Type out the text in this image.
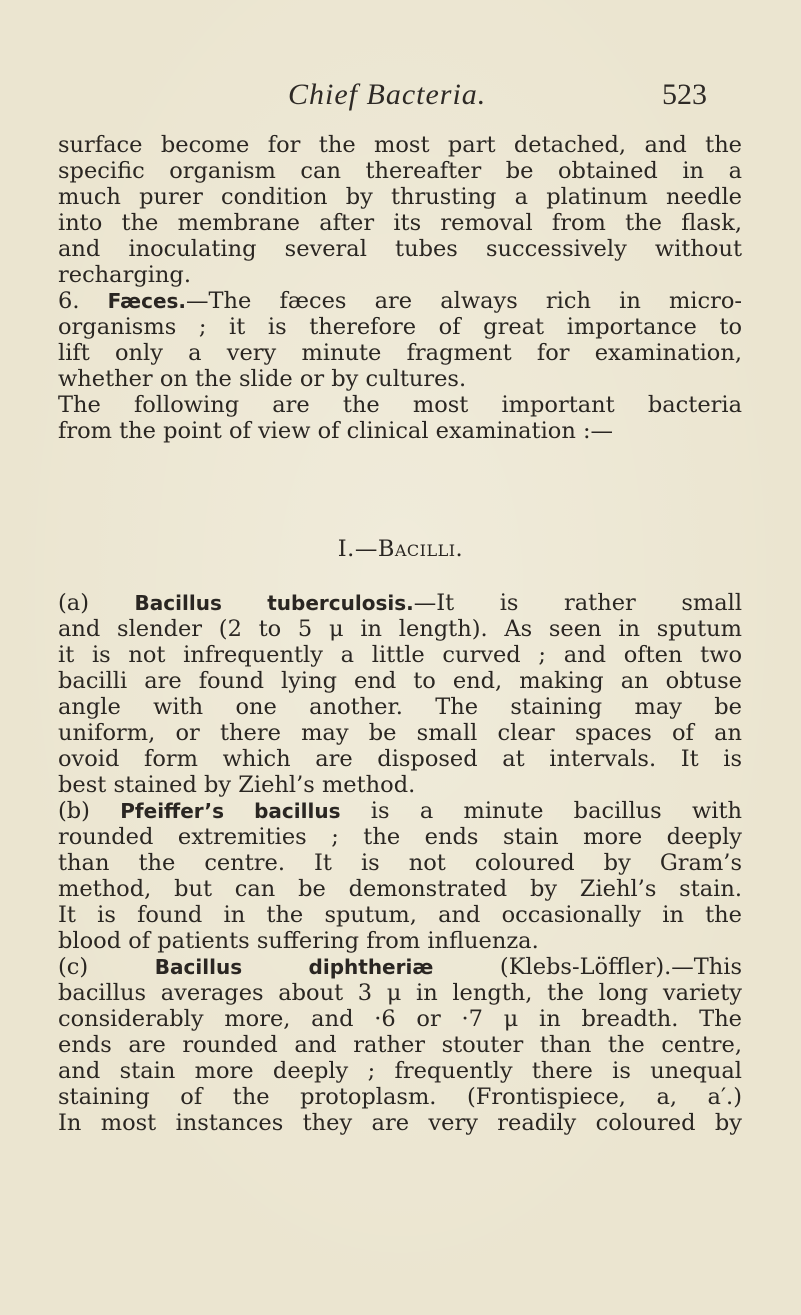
Chief Bacteria.	523
surface become for the most part detached, and the
specific organism can thereafter be obtained in a
much purer condition by thrusting a platinum needle
into the membrane after its removal from the flask,
and inoculating several tubes successively without
recharging.
6. Fæces.—The fæces are always rich in micro-
organisms ; it is therefore of great importance to
lift only a very minute fragment for examination,
whether on the slide or by cultures.
The following are the most important bacteria
from the point of view of clinical examination :—
I.—Bacilli.
(a) Bacillus tuberculosis.—It is rather small
and slender (2 to 5 μ in length). As seen in sputum
it is not infrequently a little curved ; and often two
bacilli are found lying end to end, making an obtuse
angle with one another. The staining may be
uniform, or there may be small clear spaces of an
ovoid form which are disposed at intervals. It is
best stained by Ziehl’s method.
(b) Pfeiffer’s bacillus is a minute bacillus with
rounded extremities ; the ends stain more deeply
than the centre. It is not coloured by Gram’s
method, but can be demonstrated by Ziehl’s stain.
It is found in the sputum, and occasionally in the
blood of patients suffering from influenza.
(c)	Bacillus diphtheriæ (Klebs-Löffler).—This
bacillus averages about 3 μ in length, the long variety
considerably more, and ·6 or ·7 μ in breadth. The
ends are rounded and rather stouter than the centre,
and stain more deeply ; frequently there is unequal
staining of the protoplasm. (Frontispiece, a, a′.)
In most instances they are very readily coloured by
